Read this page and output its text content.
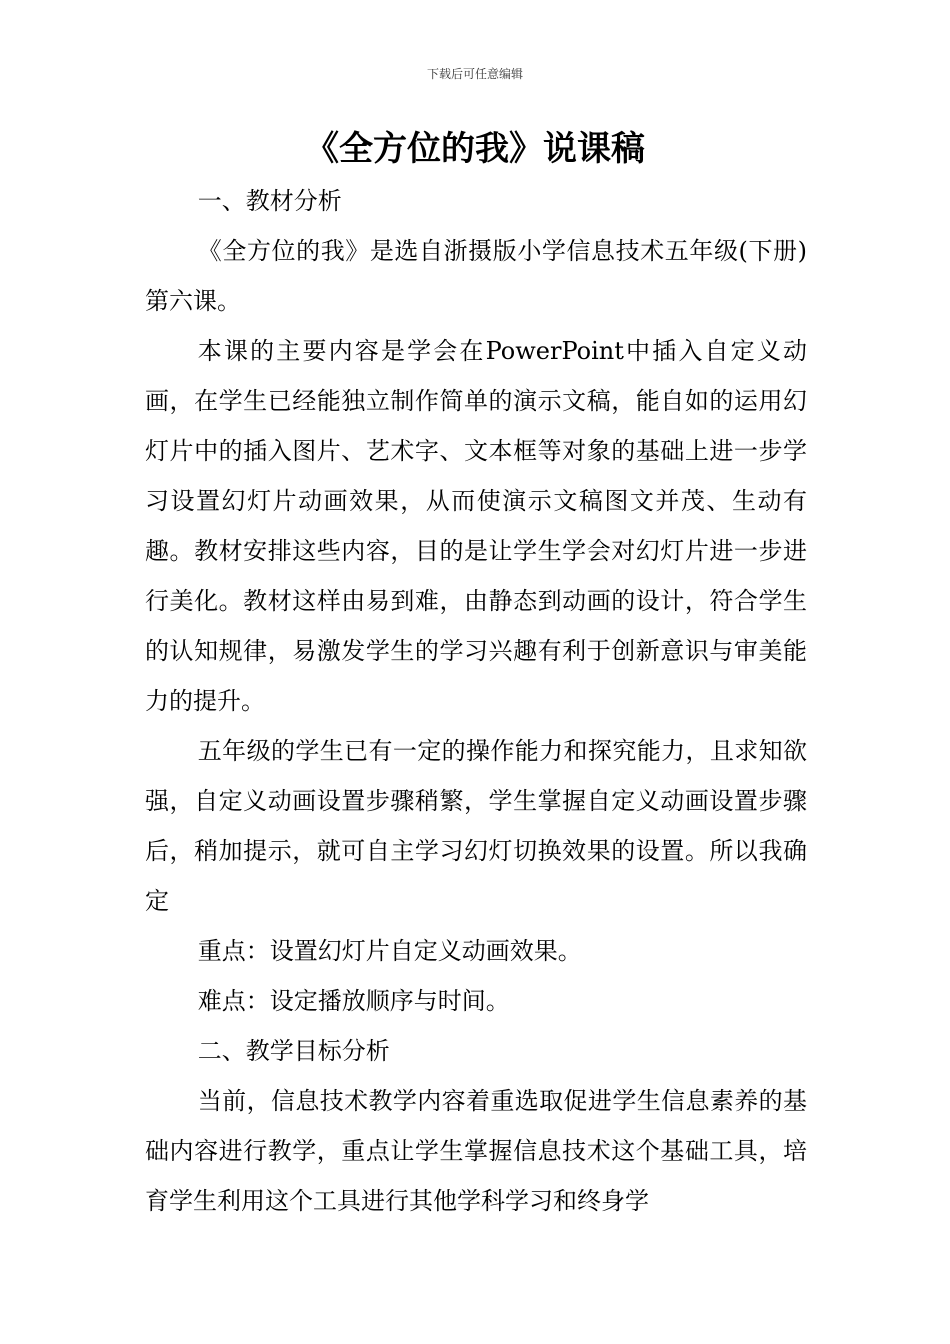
下载后可任意编辑
《全方位的我》说课稿

一、教材分析

《全方位的我》是选自浙摄版小学信息技术五年级(下册)第六课。

本课的主要内容是学会在PowerPoint中插入自定义动画，在学生已经能独立制作简单的演示文稿，能自如的运用幻灯片中的插入图片、艺术字、文本框等对象的基础上进一步学习设置幻灯片动画效果，从而使演示文稿图文并茂、生动有趣。教材安排这些内容，目的是让学生学会对幻灯片进一步进行美化。教材这样由易到难，由静态到动画的设计，符合学生的认知规律，易激发学生的学习兴趣有利于创新意识与审美能力的提升。

五年级的学生已有一定的操作能力和探究能力，且求知欲强，自定义动画设置步骤稍繁，学生掌握自定义动画设置步骤后，稍加提示，就可自主学习幻灯切换效果的设置。所以我确定

重点：设置幻灯片自定义动画效果。

难点：设定播放顺序与时间。

二、教学目标分析

当前，信息技术教学内容着重选取促进学生信息素养的基础内容进行教学，重点让学生掌握信息技术这个基础工具，培育学生利用这个工具进行其他学科学习和终身学
